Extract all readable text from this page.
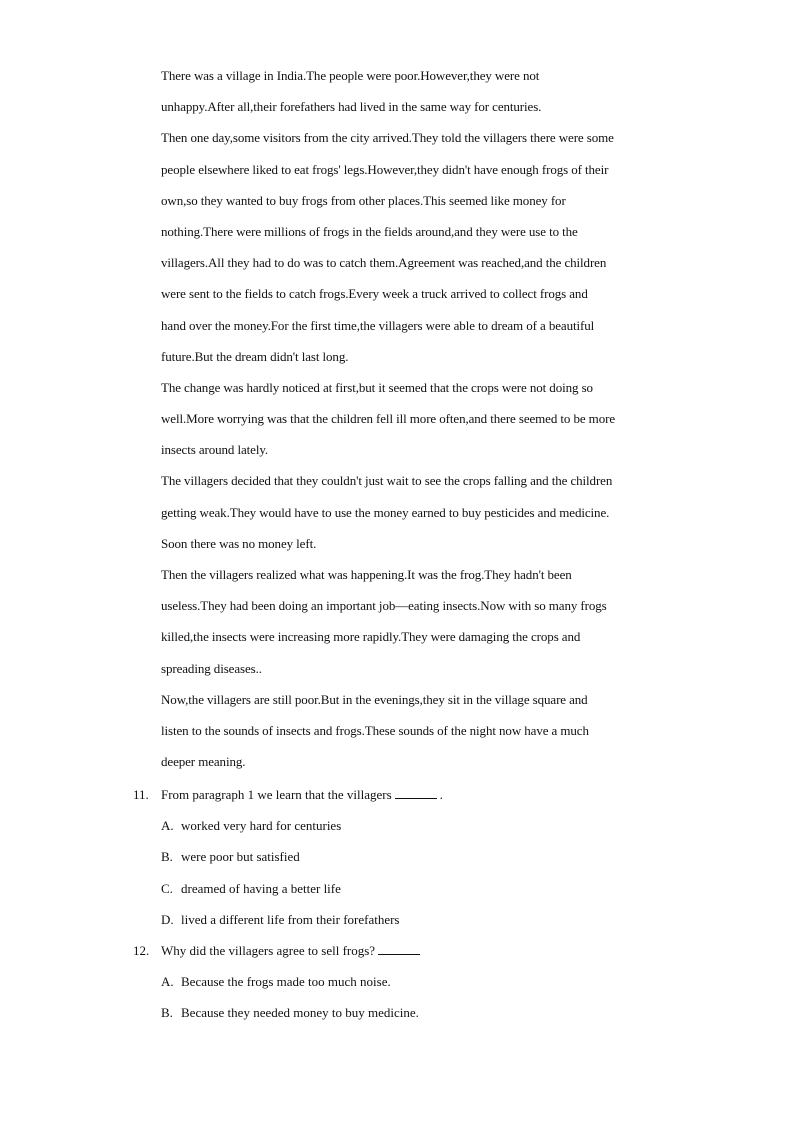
There was a village in India.The people were poor.However,they were not
unhappy.After all,their forefathers had lived in the same way for centuries.
Then one day,some visitors from the city arrived.They told the villagers there were some
people elsewhere liked to eat frogs' legs.However,they didn't have enough frogs of their
own,so they wanted to buy frogs from other places.This seemed like money for
nothing.There were millions of frogs in the fields around,and they were use to the
villagers.All they had to do was to catch them.Agreement was reached,and the children
were sent to the fields to catch frogs.Every week a truck arrived to collect frogs and
hand over the money.For the first time,the villagers were able to dream of a beautiful
future.But the dream didn't last long.
The change was hardly noticed at first,but it seemed that the crops were not doing so
well.More worrying was that the children fell ill more often,and there seemed to be more
insects around lately.
The villagers decided that they couldn't just wait to see the crops falling and the children
getting weak.They would have to use the money earned to buy pesticides and medicine.
Soon there was no money left.
Then the villagers realized what was happening.It was the frog.They hadn't been
useless.They had been doing an important job—eating insects.Now with so many frogs
killed,the insects were increasing more rapidly.They were damaging the crops and
spreading diseases..
Now,the villagers are still poor.But in the evenings,they sit in the village square and
listen to the sounds of insects and frogs.These sounds of the night now have a much
deeper meaning.
11. From paragraph 1 we learn that the villagers	.
A. worked very hard for centuries
B. were poor but satisfied
C. dreamed of having a better life
D. lived a different life from their forefathers
12. Why did the villagers agree to sell frogs?
A. Because the frogs made too much noise.
B. Because they needed money to buy medicine.
